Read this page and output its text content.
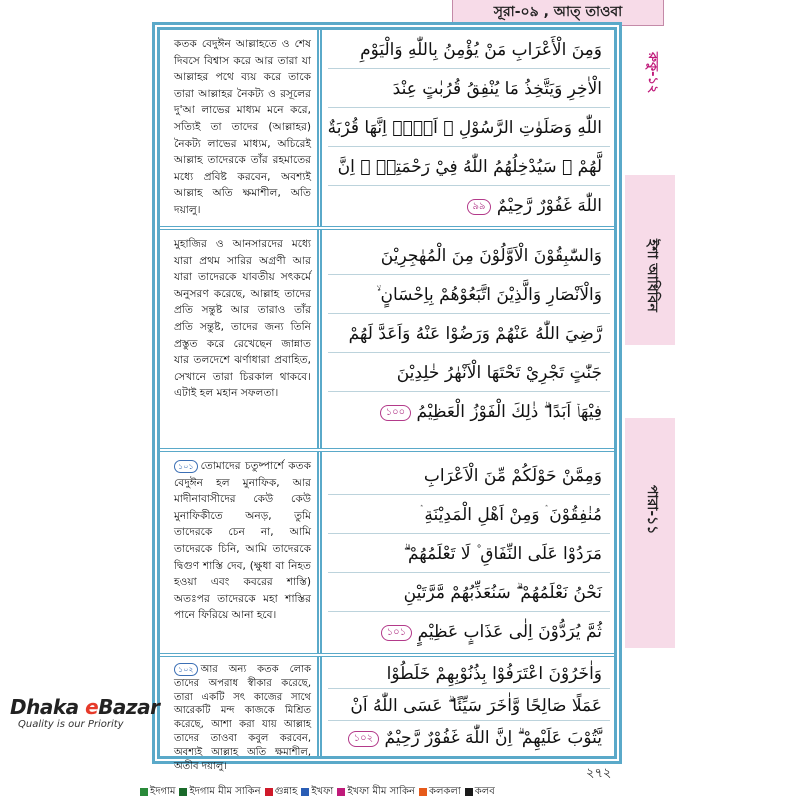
সূরা-০৯ , আত্ তাওবা
রুকু-১২
ইশা আধিবিন
পারা-১১
কতক বেদুঈন আল্লাহতে ও শেষ দিবসে বিশ্বাস করে আর তারা যা আল্লাহর পথে ব্যয় করে তাকে তারা আল্লাহর নৈকট্য ও রসূলের দু'আ লাভের মাধ্যম মনে করে, সত্যিই তা তাদের (আল্লাহর) নৈকট্য লাভের মাধ্যম, অচিরেই আল্লাহ তাদেরকে তাঁর রহমাতের মধ্যে প্রবিষ্ট করবেন, অবশ্যই আল্লাহ অতি ক্ষমাশীল, অতি দয়ালু।
وَمِنَ الْأَعْرَابِ مَنْ يُؤْمِنُ بِاللّٰهِ وَالْيَوْمِ
الْاٰخِرِ وَيَتَّخِذُ مَا يُنْفِقُ قُرُبٰتٍ عِنْدَ
اللّٰهِ وَصَلَوٰتِ الرَّسُوْلِ ۗ اَلَاۤ اِنَّهَا قُرْبَةٌ
لَّهُمْ ۗ سَيُدْخِلُهُمُ اللّٰهُ فِيْ رَحْمَتِهٖ ۗ اِنَّ
اللّٰهَ غَفُوْرٌ رَّحِيْمٌ ৯৯
মুহাজির ও আনসারদের মধ্যে যারা প্রথম সারির অগ্রণী আর যারা তাদেরকে যাবতীয় সৎকর্মে অনুসরণ করেছে, আল্লাহ তাদের প্রতি সন্তুষ্ট আর তারাও তাঁর প্রতি সন্তুষ্ট, তাদের জন্য তিনি প্রস্তুত করে রেখেছেন জান্নাত যার তলদেশে ঝর্ণাধারা প্রবাহিত, সেখানে তারা চিরকাল থাকবে। এটাই হল মহান সফলতা।
وَالسّٰبِقُوْنَ الْاَوَّلُوْنَ مِنَ الْمُهٰجِرِيْنَ
وَالْاَنْصَارِ وَالَّذِيْنَ اتَّبَعُوْهُمْ بِاِحْسَانٍ ۙ
رَّضِيَ اللّٰهُ عَنْهُمْ وَرَضُوْا عَنْهُ وَاَعَدَّ لَهُمْ
جَنّٰتٍ تَجْرِيْ تَحْتَهَا الْاَنْهٰرُ خٰلِدِيْنَ
فِيْهَاۤ اَبَدًا ۗ ذٰلِكَ الْفَوْزُ الْعَظِيْمُ ১০০
১০১ তোমাদের চতুষ্পার্শে কতক বেদুঈন হল মুনাফিক, আর মাদীনাবাসীদের কেউ কেউ মুনাফিকীতে অনড়, তুমি তাদেরকে চেন না, আমি তাদেরকে চিনি, আমি তাদেরকে দ্বিগুণ শাস্তি দেব, (ক্ষুধা বা নিহত হওয়া এবং কবরের শাস্তি) অতঃপর তাদেরকে মহা শাস্তির পানে ফিরিয়ে আনা হবে।
وَمِمَّنْ حَوْلَكُمْ مِّنَ الْاَعْرَابِ
مُنٰفِقُوْنَ ۛ وَمِنْ اَهْلِ الْمَدِيْنَةِ ۛ
مَرَدُوْا عَلَى النِّفَاقِ ۫ لَا تَعْلَمُهُمْ ۗ
نَحْنُ نَعْلَمُهُمْ ۗ سَنُعَذِّبُهُمْ مَّرَّتَيْنِ
ثُمَّ يُرَدُّوْنَ اِلٰى عَذَابٍ عَظِيْمٍ ১০১
১০২ আর অন্য কতক লোক তাদের অপরাধ স্বীকার করেছে, তারা একটি সৎ কাজের সাথে আরেকটি মন্দ কাজকে মিশ্রিত করেছে, আশা করা যায় আল্লাহ তাদের তাওবা কবুল করবেন, অবশ্যই আল্লাহ অতি ক্ষমাশীল, অতীব দয়ালু।
وَاٰخَرُوْنَ اعْتَرَفُوْا بِذُنُوْبِهِمْ خَلَطُوْا
عَمَلًا صَالِحًا وَّاٰخَرَ سَيِّئًا ۗ عَسَى اللّٰهُ اَنْ
يَّتُوْبَ عَلَيْهِمْ ۗ اِنَّ اللّٰهَ غَفُوْرٌ رَّحِيْمٌ ১০২
Dhaka eBazar
Quality is our Priority
২৭২
ইদগাম ইদগাম মীম সাকিন গুন্নাহ ইখফা ইখফা মীম সাকিন কলকলা কলব
